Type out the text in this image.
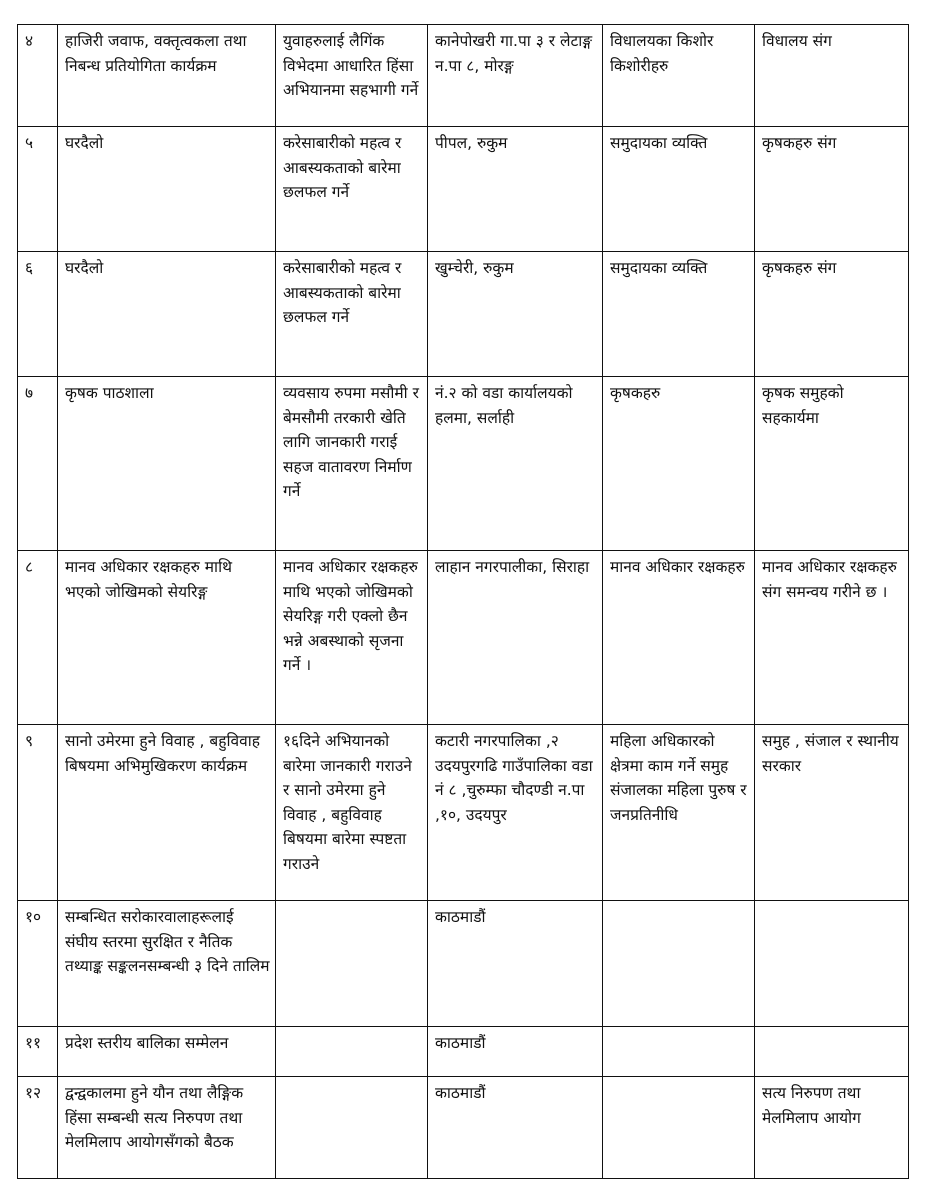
४	हाजिरी जवाफ, वक्तृत्वकला तथा निबन्ध प्रतियोगिता कार्यक्रम	युवाहरुलाई लैगिंक विभेदमा आधारित हिंसा अभियानमा सहभागी गर्ने	कानेपोखरी गा.पा ३ र लेटाङ्ग न.पा ८, मोरङ्ग	विधालयका किशोर किशोरीहरु	विधालय संग
५	घरदैलो	करेसाबारीको महत्व र आबस्यकताको बारेमा छलफल गर्ने	पीपल, रुकुम	समुदायका व्यक्ति	कृषकहरु संग
६	घरदैलो	करेसाबारीको महत्व र आबस्यकताको बारेमा छलफल गर्ने	खुम्चेरी, रुकुम	समुदायका व्यक्ति	कृषकहरु संग
७	कृषक पाठशाला	व्यवसाय रुपमा मसौमी र बेमसौमी तरकारी खेति लागि जानकारी गराई सहज वातावरण निर्माण गर्ने	नं.२ को वडा कार्यालयको हलमा, सर्लाही	कृषकहरु	कृषक समुहको सहकार्यमा
८	मानव अधिकार रक्षकहरु माथि भएको जोखिमको सेयरिङ्ग	मानव अधिकार रक्षकहरु माथि भएको जोखिमको सेयरिङ्ग गरी एक्लो छैन भन्ने अबस्थाको सृजना गर्ने ।	लाहान नगरपालीका, सिराहा	मानव अधिकार रक्षकहरु	मानव अधिकार रक्षकहरु संग समन्वय गरीने छ ।
९	सानो उमेरमा हुने विवाह , बहुविवाह बिषयमा अभिमुखिकरण कार्यक्रम	१६दिने अभियानको बारेमा जानकारी गराउने र सानो उमेरमा हुने विवाह , बहुविवाह बिषयमा बारेमा स्पष्टता गराउने	कटारी नगरपालिका ,२ उदयपुरगढि गाउँपालिका वडा नं ८ ,चुरुम्फा चौदण्डी न.पा ,१०, उदयपुर	महिला अधिकारको क्षेत्रमा काम गर्ने समुह संजालका महिला पुरुष र जनप्रतिनीधि	समुह , संजाल र स्थानीय सरकार
१०	सम्बन्धित सरोकारवालाहरूलाई संघीय स्तरमा सुरक्षित र नैतिक तथ्याङ्क सङ्कलनसम्बन्धी ३ दिने तालिम		काठमाडौं		
११	प्रदेश स्तरीय बालिका सम्मेलन		काठमाडौं		
१२	द्वन्द्वकालमा हुने यौन तथा लैङ्गिक हिंसा सम्बन्धी सत्य निरुपण तथा मेलमिलाप आयोगसँगको बैठक		काठमाडौं		सत्य निरुपण तथा मेलमिलाप आयोग
